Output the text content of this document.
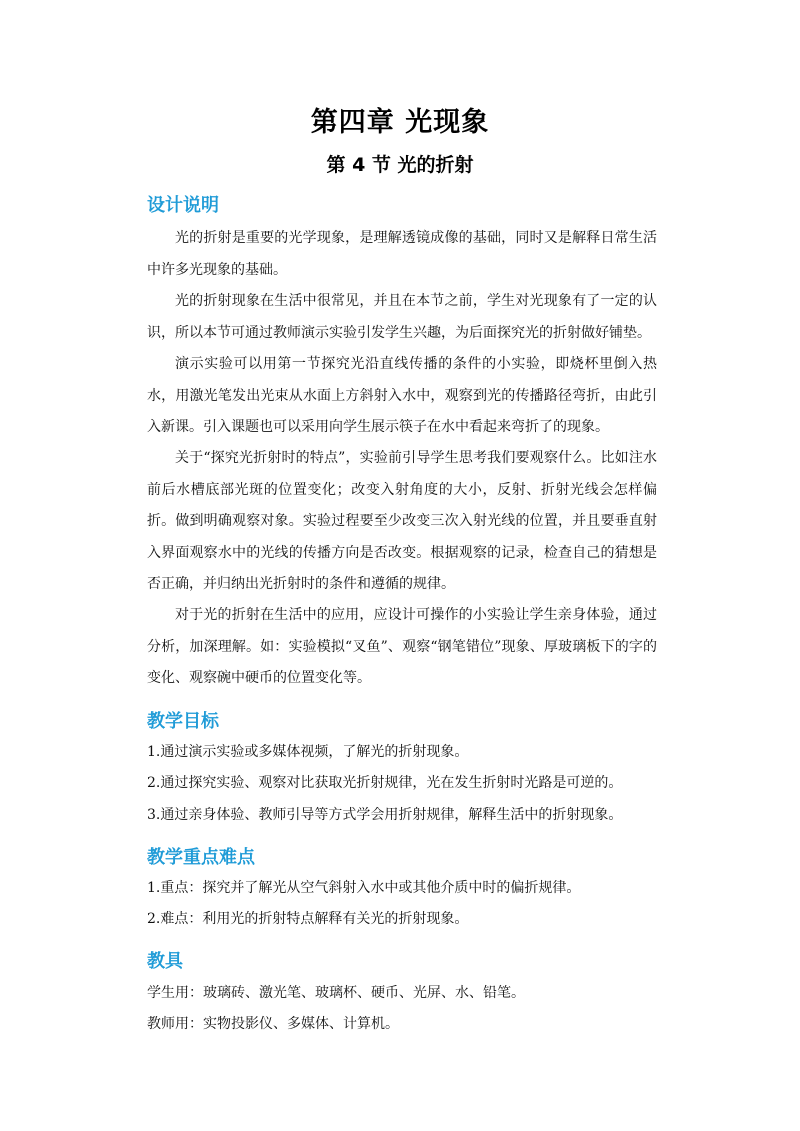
第四章 光现象
第 4 节 光的折射
设计说明

光的折射是重要的光学现象，是理解透镜成像的基础，同时又是解释日常生活中许多光现象的基础。

光的折射现象在生活中很常见，并且在本节之前，学生对光现象有了一定的认识，所以本节可通过教师演示实验引发学生兴趣，为后面探究光的折射做好铺垫。

演示实验可以用第一节探究光沿直线传播的条件的小实验，即烧杯里倒入热水，用激光笔发出光束从水面上方斜射入水中，观察到光的传播路径弯折，由此引入新课。引入课题也可以采用向学生展示筷子在水中看起来弯折了的现象。

关于“探究光折射时的特点”，实验前引导学生思考我们要观察什么。比如注水前后水槽底部光斑的位置变化；改变入射角度的大小，反射、折射光线会怎样偏折。做到明确观察对象。实验过程要至少改变三次入射光线的位置，并且要垂直射入界面观察水中的光线的传播方向是否改变。根据观察的记录，检查自己的猜想是否正确，并归纳出光折射时的条件和遵循的规律。

对于光的折射在生活中的应用，应设计可操作的小实验让学生亲身体验，通过分析，加深理解。如：实验模拟“叉鱼”、观察“钢笔错位”现象、厚玻璃板下的字的变化、观察碗中硬币的位置变化等。

教学目标

1.通过演示实验或多媒体视频，了解光的折射现象。

2.通过探究实验、观察对比获取光折射规律，光在发生折射时光路是可逆的。

3.通过亲身体验、教师引导等方式学会用折射规律，解释生活中的折射现象。

教学重点难点

1.重点：探究并了解光从空气斜射入水中或其他介质中时的偏折规律。

2.难点：利用光的折射特点解释有关光的折射现象。

教具

学生用：玻璃砖、激光笔、玻璃杯、硬币、光屏、水、铅笔。

教师用：实物投影仪、多媒体、计算机。
